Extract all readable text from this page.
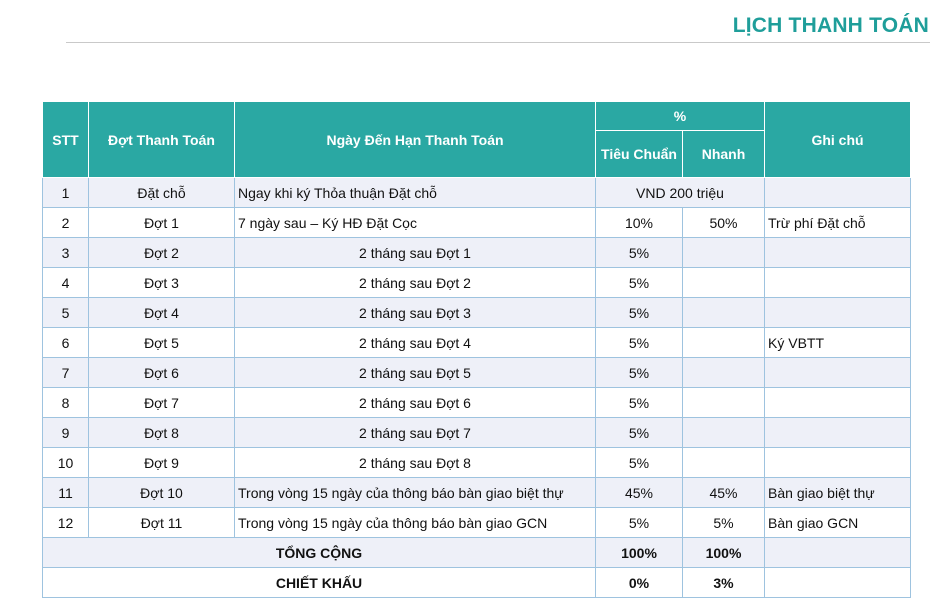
LỊCH THANH TOÁN
STT	Đợt Thanh Toán	Ngày Đến Hạn Thanh Toán	%		Ghi chú
			Tiêu Chuẩn	Nhanh	
1	Đặt chỗ	Ngay khi ký Thỏa thuận Đặt chỗ	VND 200 triệu		
2	Đợt 1	7 ngày sau – Ký HĐ Đặt Cọc	10%	50%	Trừ phí Đặt chỗ
3	Đợt 2	2 tháng sau Đợt 1	5%		
4	Đợt 3	2 tháng sau Đợt 2	5%		
5	Đợt 4	2 tháng sau Đợt 3	5%		
6	Đợt 5	2 tháng sau Đợt 4	5%		Ký VBTT
7	Đợt 6	2 tháng sau Đợt 5	5%		
8	Đợt 7	2 tháng sau Đợt 6	5%		
9	Đợt 8	2 tháng sau Đợt 7	5%		
10	Đợt 9	2 tháng sau Đợt 8	5%		
11	Đợt 10	Trong vòng 15 ngày của thông báo bàn giao biệt thự	45%	45%	Bàn giao biệt thự
12	Đợt 11	Trong vòng 15 ngày của thông báo bàn giao GCN	5%	5%	Bàn giao GCN
TỔNG CỘNG			100%	100%	
CHIẾT KHẤU			0%	3%	
